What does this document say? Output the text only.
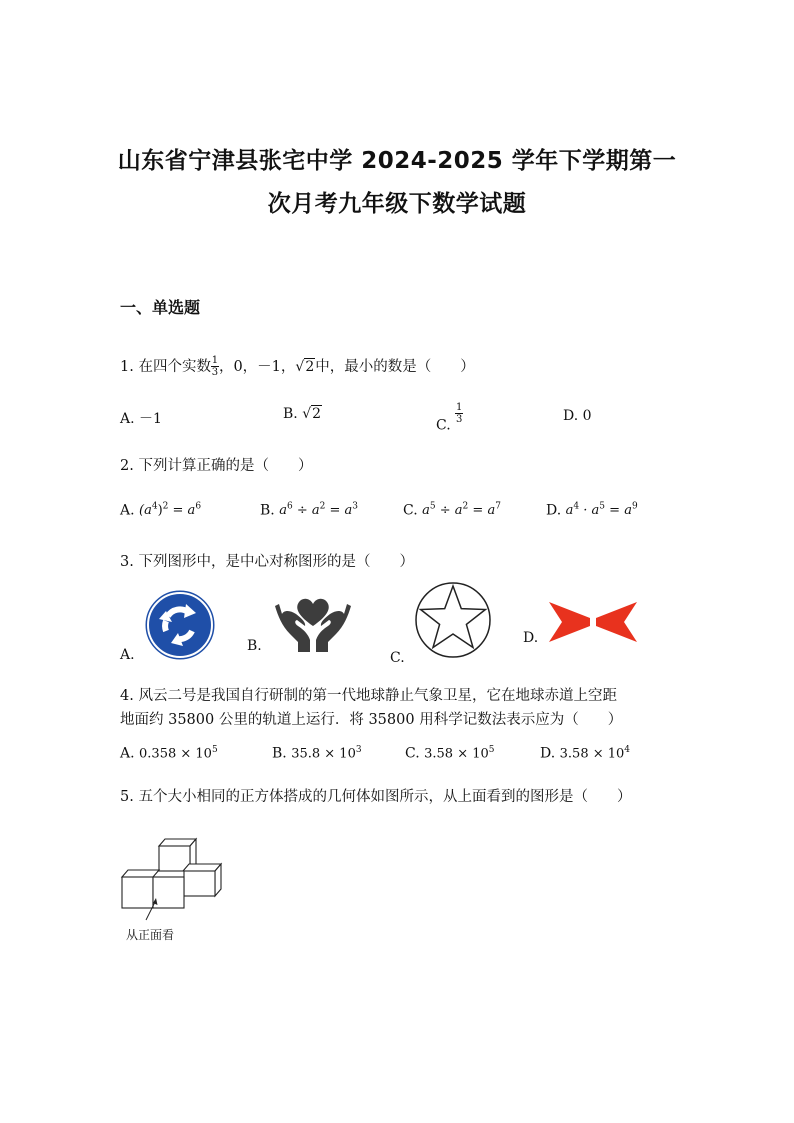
山东省宁津县张宅中学 2024-2025 学年下学期第一
次月考九年级下数学试题
一、单选题
1. 在四个实数 $\frac{1}{3}$ ，0，－1，√2中，最小的数是（　　）
A. －1	B. √2
C.
$\frac{1}{3}$	D. 0
2. 下列计算正确的是（　　）
A. $(a^4)^2 = a^6$	B. $a^6 \div a^2 = a^3$	C. $a^5 \div a^2 = a^7$	D. $a^4 \cdot a^5 = a^9$
3. 下列图形中，是中心对称图形的是（　　）
A.
B.
C.
D.
4. 风云二号是我国自行研制的第一代地球静止气象卫星，它在地球赤道上空距
地面约 35800 公里的轨道上运行．将 35800 用科学记数法表示应为（　　）
A. $0.358 \times 10^5$	B. $35.8 \times 10^3$	C. $3.58 \times 10^5$	D. $3.58 \times 10^4$
5. 五个大小相同的正方体搭成的几何体如图所示，从上面看到的图形是（　　）
从正面看
